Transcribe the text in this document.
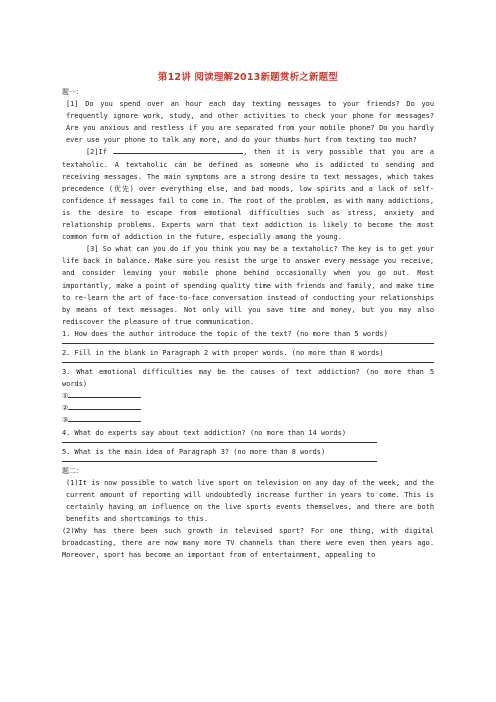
第12讲 阅读理解2013新题赏析之新题型

题一：

[1] Do you spend over an hour each day texting messages to your friends? Do you frequently ignore work, study, and other activities to check your phone for messages? Are you anxious and restless if you are separated from your mobile phone? Do you hardly ever use your phone to talk any more, and do your thumbs hurt from texting too much?

[2]If	, then it is very possible that you are a textaholic. A textaholic can be defined as someone who is addicted to sending and receiving messages. The main symptoms are a strong desire to text messages, which takes precedence (优先) over everything else, and bad moods, low spirits and a lack of self-confidence if messages fail to come in. The root of the problem, as with many addictions, is the desire to escape from emotional difficulties such as stress, anxiety and relationship problems. Experts warn that text addiction is likely to become the most common form of addiction in the future, especially among the young.

[3] So what can you do if you think you may be a textaholic? The key is to get your life back in balance. Make sure you resist the urge to answer every message you receive, and consider leaving your mobile phone behind occasionally when you go out. Most importantly, make a point of spending quality time with friends and family, and make time to re-learn the art of face-to-face conversation instead of conducting your relationships by means of text messages. Not only will you save time and money, but you may also rediscover the pleasure of true communication.

1. How does the author introduce the topic of the text? (no more than 5 words)

2. Fill in the blank in Paragraph 2 with proper words. (no more than 8 words)

3. What emotional difficulties may be the causes of text addiction? (no more than 5 words)

①
②
③

4. What do experts say about text addiction? (no more than 14 words)

5. What is the main idea of Paragraph 3? (no more than 8 words)

题二：

(1)It is now possible to watch live sport on television on any day of the week, and the current amount of reporting will undoubtedly increase further in years to come. This is certainly having an influence on the live sports events themselves, and there are both benefits and shortcomings to this.

(2)Why has there been such growth in televised sport? For one thing, with digital broadcasting, there are now many more TV channels than there were even then years ago. Moreover, sport has become an important from of entertainment, appealing to
